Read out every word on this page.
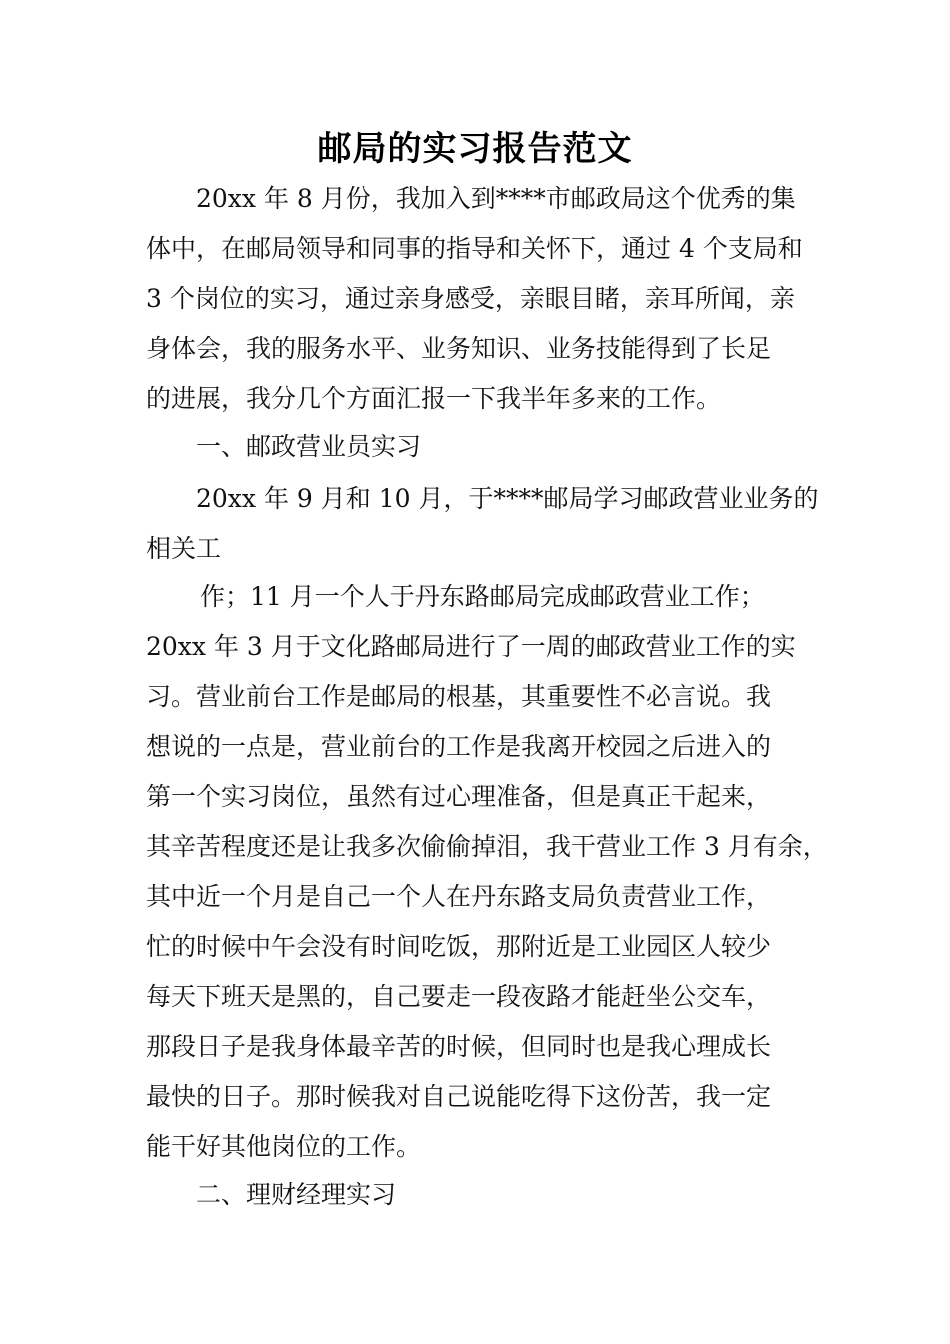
邮局的实习报告范文
20xx 年 8 月份，我加入到****市邮政局这个优秀的集
体中，在邮局领导和同事的指导和关怀下，通过 4 个支局和
3 个岗位的实习，通过亲身感受，亲眼目睹，亲耳所闻，亲
身体会，我的服务水平、业务知识、业务技能得到了长足
的进展，我分几个方面汇报一下我半年多来的工作。
一、邮政营业员实习
20xx 年 9 月和 10 月，于****邮局学习邮政营业业务的
相关工
作；11 月一个人于丹东路邮局完成邮政营业工作；
20xx 年 3 月于文化路邮局进行了一周的邮政营业工作的实
习。营业前台工作是邮局的根基，其重要性不必言说。我
想说的一点是，营业前台的工作是我离开校园之后进入的
第一个实习岗位，虽然有过心理准备，但是真正干起来，
其辛苦程度还是让我多次偷偷掉泪，我干营业工作 3 月有余，
其中近一个月是自己一个人在丹东路支局负责营业工作，
忙的时候中午会没有时间吃饭，那附近是工业园区人较少
每天下班天是黑的，自己要走一段夜路才能赶坐公交车，
那段日子是我身体最辛苦的时候，但同时也是我心理成长
最快的日子。那时候我对自己说能吃得下这份苦，我一定
能干好其他岗位的工作。
二、理财经理实习
